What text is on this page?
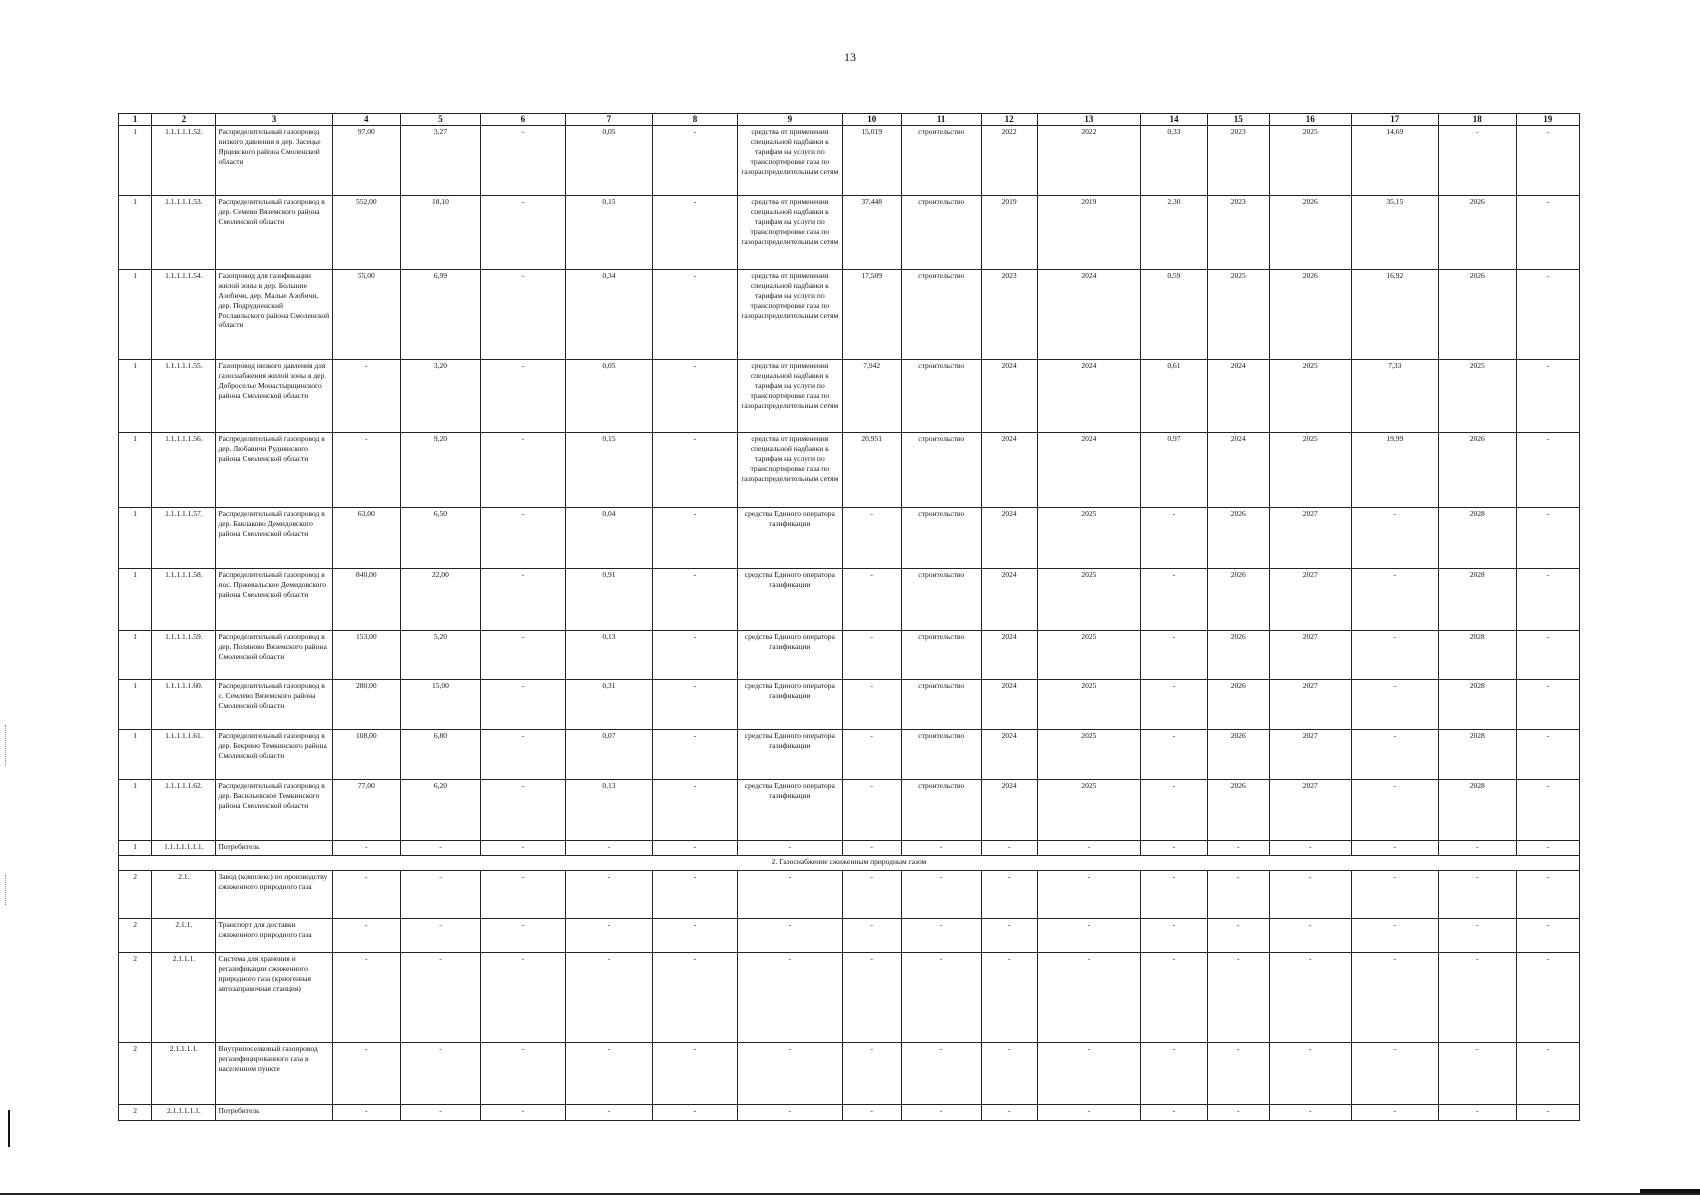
13
1	2	3	4	5	6	7	8	9	10	11	12	13	14	15	16	17	18	19
1	1.1.1.1.1.52.	Распределительный газопровод низкого давления в дер. Засецье Ярцевского района Смоленской области	97,00	3,27	-	0,05	-	средства от применения специальной надбавки к тарифам на услуги по транспортировке газа по газораспределительным сетям	15,019	строительство	2022	2022	0,33	2023	2025	14,69	-	-
1	1.1.1.1.1.53.	Распределительный газопровод в дер. Семеви Вяземского района Смоленской области	552,00	18,10	-	0,15	-	средства от применения специальной надбавки к тарифам на услуги по транспортировке газа по газораспределительным сетям	37,448	строительство	2019	2019	2,30	2023	2026	35,15	2026	-
1	1.1.1.1.1.54.	Газопровод для газификации жилой зоны в дер. Большие Азобичи, дер. Малые Азобичи, дер. Подрудненский Рославльского района Смоленской области	55,00	6,99	-	0,34	-	средства от применения специальной надбавки к тарифам на услуги по транспортировке газа по газораспределительным сетям	17,509	строительство	2023	2024	0,59	2025	2026	16,92	2026	-
1	1.1.1.1.1.55.	Газопровод низкого давления для газоснабжения жилой зоны в дер. Доброселье Монастырщинского района Смоленской области	-	3,20	-	0,05	-	средства от применения специальной надбавки к тарифам на услуги по транспортировке газа по газораспределительным сетям	7,942	строительство	2024	2024	0,61	2024	2025	7,33	2025	-
1	1.1.1.1.1.56.	Распределительный газопровод в дер. Любавичи Руднянского района Смоленской области	-	9,20	-	0,15	-	средства от применения специальной надбавки к тарифам на услуги по транспортировке газа по газораспределительным сетям	20,951	строительство	2024	2024	0,97	2024	2025	19,99	2026	-
1	1.1.1.1.1.57.	Распределительный газопровод в дер. Баклаково Демидовского района Смоленской области	63,00	6,50	-	0,04	-	средства Единого оператора газификации	-	строительство	2024	2025	-	2026	2027	-	2028	-
1	1.1.1.1.1.58.	Распределительный газопровод в пос. Пржевальское Демидовского района Смоленской области	840,00	22,00	-	0,91	-	средства Единого оператора газификации	-	строительство	2024	2025	-	2026	2027	-	2028	-
1	1.1.1.1.1.59.	Распределительный газопровод в дер. Поляново Вяземского района Смоленской области	153,00	5,20	-	0,13	-	средства Единого оператора газификации	-	строительство	2024	2025	-	2026	2027	-	2028	-
1	1.1.1.1.1.60.	Распределительный газопровод в с. Семлево Вяземского района Смоленской области	280,00	15,00	-	0,31	-	средства Единого оператора газификации	-	строительство	2024	2025	-	2026	2027	-	2028	-
1	1.1.1.1.1.61.	Распределительный газопровод в дер. Бекрино Темкинского района Смоленской области	108,00	6,80	-	0,07	-	средства Единого оператора газификации	-	строительство	2024	2025	-	2026	2027	-	2028	-
1	1.1.1.1.1.62.	Распределительный газопровод в дер. Васильевское Темкинского района Смоленской области	77,00	6,20	-	0,13	-	средства Единого оператора газификации	-	строительство	2024	2025	-	2026	2027	-	2028	-
1	1.1.1.1.1.1.1.	Потребитель	-	-	-	-	-	-	-	-	-	-	-	-	-	-	-	-
2. Газоснабжение сжиженным природным газом																		
2	2.1.	Завод (комплекс) по производству сжиженного природного газа	-	-	-	-	-	-	-	-	-	-	-	-	-	-	-	-
2	2.1.1.	Транспорт для доставки сжиженного природного газа	-	-	-	-	-	-	-	-	-	-	-	-	-	-	-	-
2	2.1.1.1.	Система для хранения и регазификации сжиженного природного газа (криогенная автозаправочная станция)	-	-	-	-	-	-	-	-	-	-	-	-	-	-	-	-
2	2.1.1.1.1.	Внутрипоселковый газопровод регазифицированного газа в населенном пункте	-	-	-	-	-	-	-	-	-	-	-	-	-	-	-	-
2	2.1.1.1.1.1.	Потребитель	-	-	-	-	-	-	-	-	-	-	-	-	-	-	-	-
